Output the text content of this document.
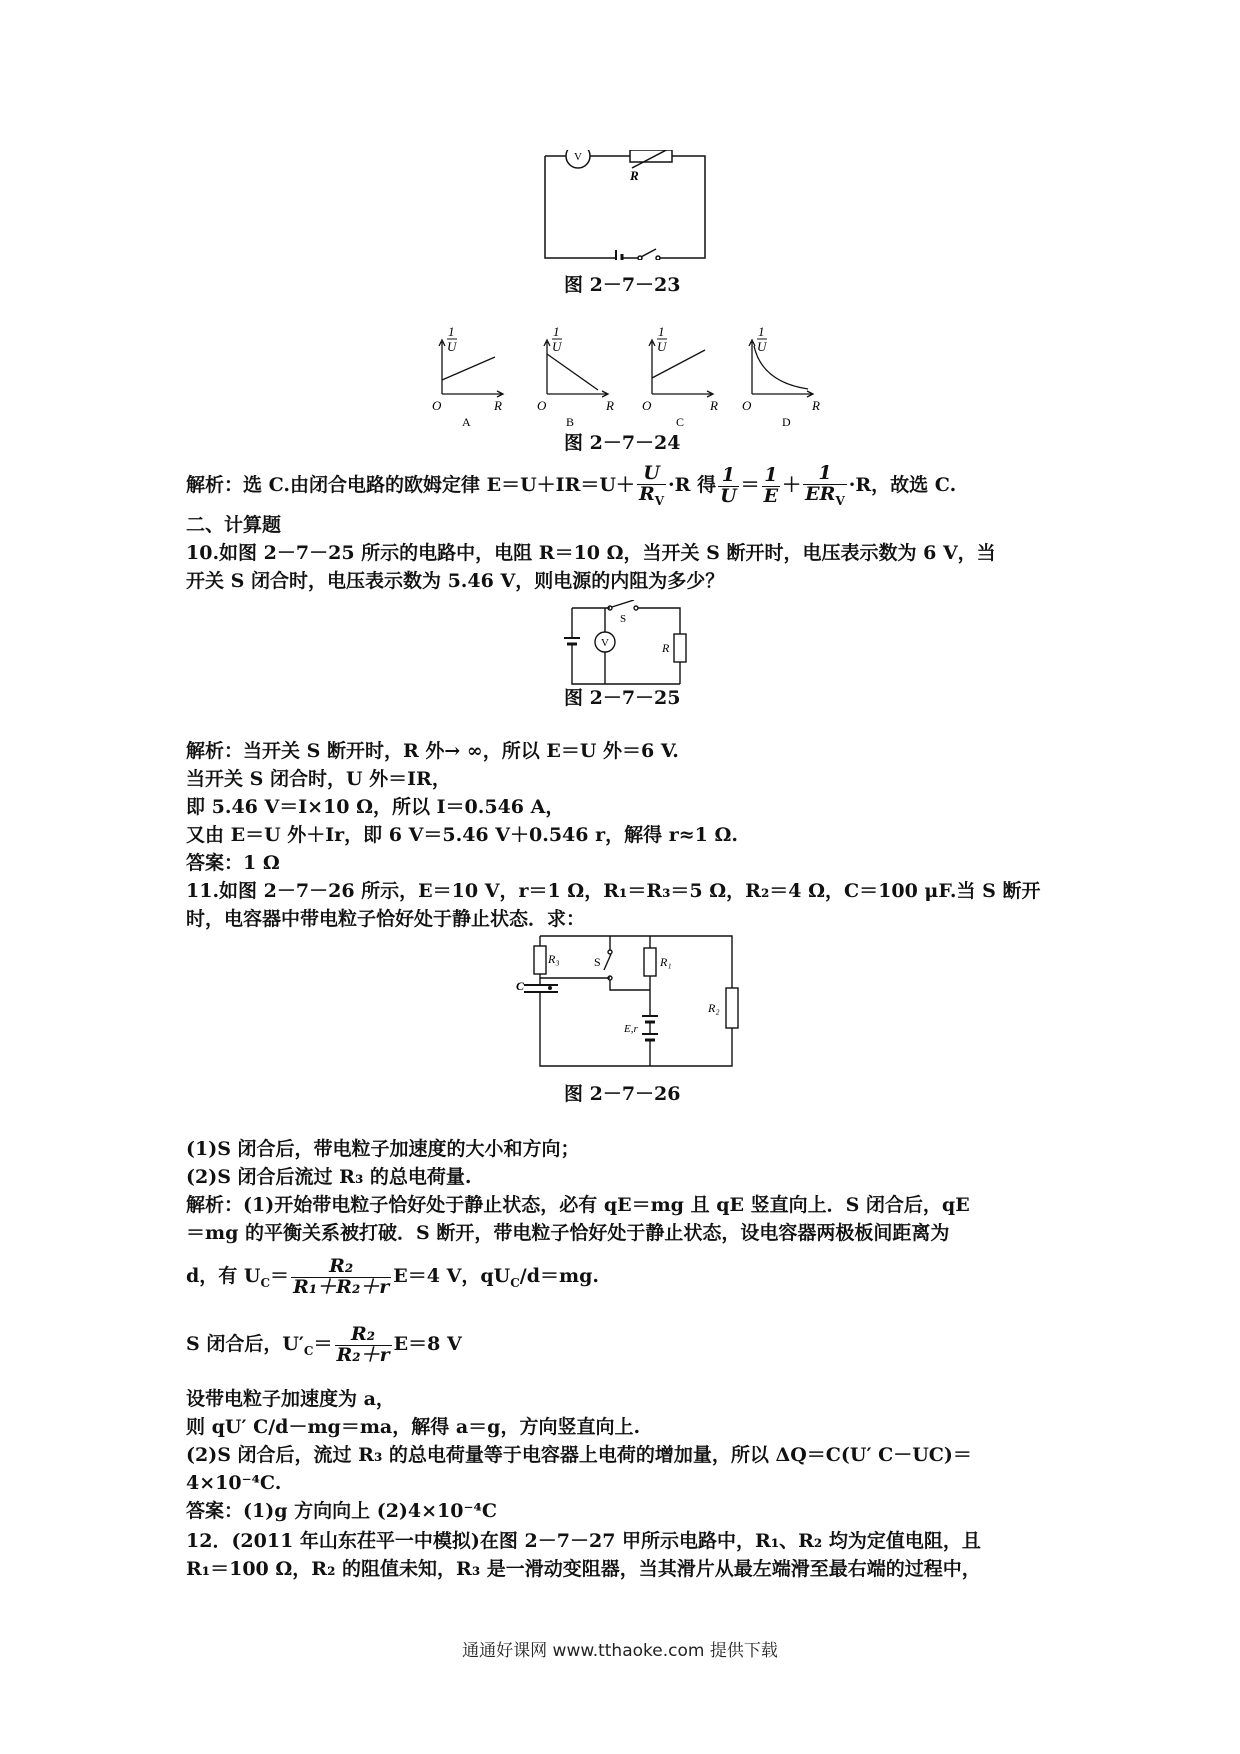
V
R
图 2－7－23
1
U
O	R
A
1
U
O	R
B
1
U
O	R
C
1
U
O	R
D
图 2－7－24
解析：选 C.由闭合电路的欧姆定律 $E=U+IR=U+ \frac{U}{R_V} \cdot R$ 得 $\frac{1}{U} = \frac{1}{E} + \frac{1}{ER_V} \cdot R$，故选 C.
二、计算题
10.如图 2－7－25 所示的电路中，电阻 R＝10 Ω，当开关 S 断开时，电压表示数为 6 V，当
开关 S 闭合时，电压表示数为 5.46 V，则电源的内阻为多少？
S
V	R
图 2－7－25
解析：当开关 S 断开时，R 外→ ∞，所以 E＝U 外＝6 V.
当开关 S 闭合时，U 外＝IR，
即 5.46 V＝I×10 Ω，所以 I＝0.546 A，
又由 E＝U 外＋Ir，即 6 V＝5.46 V＋0.546 r，解得 r≈1 Ω.
答案：1 Ω
11.如图 2－7－26 所示，E＝10 V，r＝1 Ω，R₁＝R₃＝5 Ω，R₂＝4 Ω，C＝100 μF.当 S 断开
时，电容器中带电粒子恰好处于静止状态．求：
R₃
C
S	R₁
E,r
R₂
图 2－7－26
(1)S 闭合后，带电粒子加速度的大小和方向；
(2)S 闭合后流过 R₃ 的总电荷量.
解析：(1)开始带电粒子恰好处于静止状态，必有 qE＝mg 且 qE 竖直向上．S 闭合后，qE
＝mg 的平衡关系被打破．S 断开，带电粒子恰好处于静止状态，设电容器两极板间距离为
d，有 $U_C= \frac{\text{R₂}}{\text{R₁＋R₂＋r}} E=4$ V，$qU_C/d=mg$.
S 闭合后，$U'_C= \frac{\text{R₂}}{\text{R₂＋r}} E=8$ V
设带电粒子加速度为 a，
则 qU′ C/d－mg＝ma，解得 a＝g，方向竖直向上.
(2)S 闭合后，流过 R₃ 的总电荷量等于电容器上电荷的增加量，所以 ΔQ＝C(U′ C－UC)＝
4×10⁻⁴C.
答案：(1)g 方向向上 (2)4×10⁻⁴C
12．(2011 年山东茌平一中模拟)在图 2－7－27 甲所示电路中，R₁、R₂ 均为定值电阻，且
R₁＝100 Ω，R₂ 的阻值未知，R₃ 是一滑动变阻器，当其滑片从最左端滑至最右端的过程中，
通通好课网 www.tthaoke.com 提供下载
